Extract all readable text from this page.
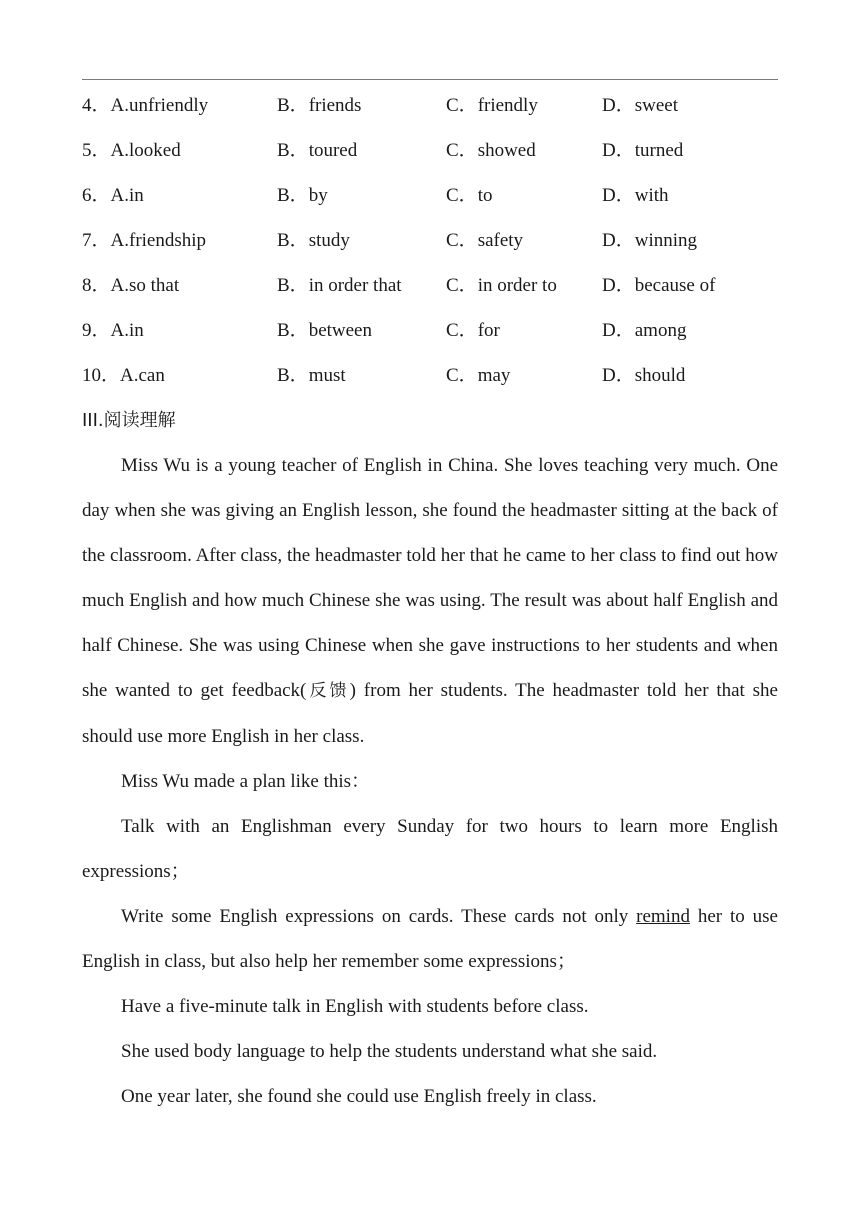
4．A.unfriendly	B．friends	C．friendly	D．sweet
5．A.looked	B．toured	C．showed	D．turned
6．A.in	B．by	C．to	D．with
7．A.friendship	B．study	C．safety	D．winning
8．A.so that	B．in order that C．in order to D．because of
9．A.in	B．between	C．for	D．among
10．A.can	B．must	C．may	D．should
III.阅读理解
Miss Wu is a young teacher of English in China. She loves teaching very much. One day when she was giving an English lesson, she found the headmaster sitting at the back of the classroom. After class, the headmaster told her that he came to her class to find out how much English and how much Chinese she was using. The result was about half English and half Chinese. She was using Chinese when she gave instructions to her students and when she wanted to get feedback(反馈) from her students. The headmaster told her that she should use more English in her class.
Miss Wu made a plan like this：
Talk with an Englishman every Sunday for two hours to learn more English expressions；
Write some English expressions on cards. These cards not only remind her to use English in class, but also help her remember some expressions；
Have a five-minute talk in English with students before class.
She used body language to help the students understand what she said.
One year later, she found she could use English freely in class.
